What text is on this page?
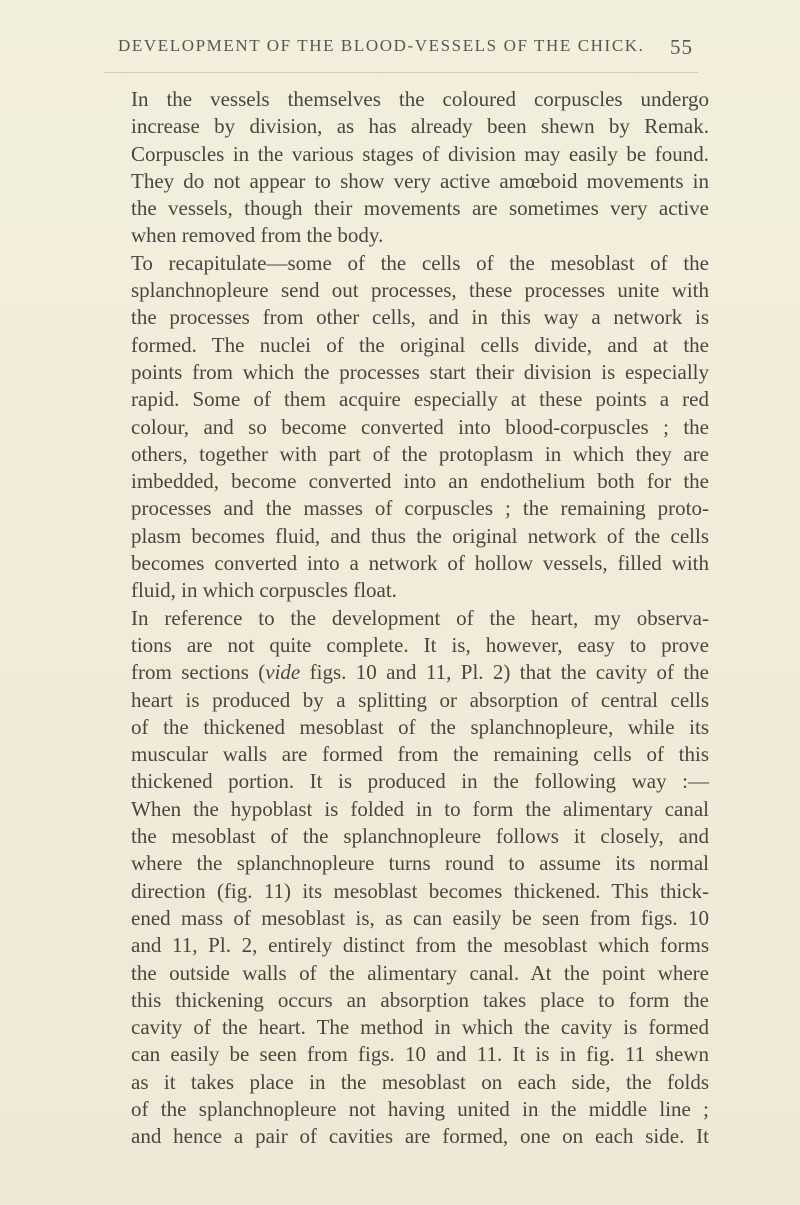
DEVELOPMENT OF THE BLOOD-VESSELS OF THE CHICK. 55
In the vessels themselves the coloured corpuscles undergo
increase by division, as has already been shewn by Remak.
Corpuscles in the various stages of division may easily be found.
They do not appear to show very active amœboid movements in
the vessels, though their movements are sometimes very active
when removed from the body.
To recapitulate—some of the cells of the mesoblast of the
splanchnopleure send out processes, these processes unite with
the processes from other cells, and in this way a network is
formed. The nuclei of the original cells divide, and at the
points from which the processes start their division is especially
rapid. Some of them acquire especially at these points a red
colour, and so become converted into blood-corpuscles ; the
others, together with part of the protoplasm in which they are
imbedded, become converted into an endothelium both for the
processes and the masses of corpuscles ; the remaining proto-
plasm becomes fluid, and thus the original network of the cells
becomes converted into a network of hollow vessels, filled with
fluid, in which corpuscles float.
In reference to the development of the heart, my observa-
tions are not quite complete. It is, however, easy to prove
from sections (vide figs. 10 and 11, Pl. 2) that the cavity of the
heart is produced by a splitting or absorption of central cells
of the thickened mesoblast of the splanchnopleure, while its
muscular walls are formed from the remaining cells of this
thickened portion. It is produced in the following way :—
When the hypoblast is folded in to form the alimentary canal
the mesoblast of the splanchnopleure follows it closely, and
where the splanchnopleure turns round to assume its normal
direction (fig. 11) its mesoblast becomes thickened. This thick-
ened mass of mesoblast is, as can easily be seen from figs. 10
and 11, Pl. 2, entirely distinct from the mesoblast which forms
the outside walls of the alimentary canal. At the point where
this thickening occurs an absorption takes place to form the
cavity of the heart. The method in which the cavity is formed
can easily be seen from figs. 10 and 11. It is in fig. 11 shewn
as it takes place in the mesoblast on each side, the folds
of the splanchnopleure not having united in the middle line ;
and hence a pair of cavities are formed, one on each side. It
